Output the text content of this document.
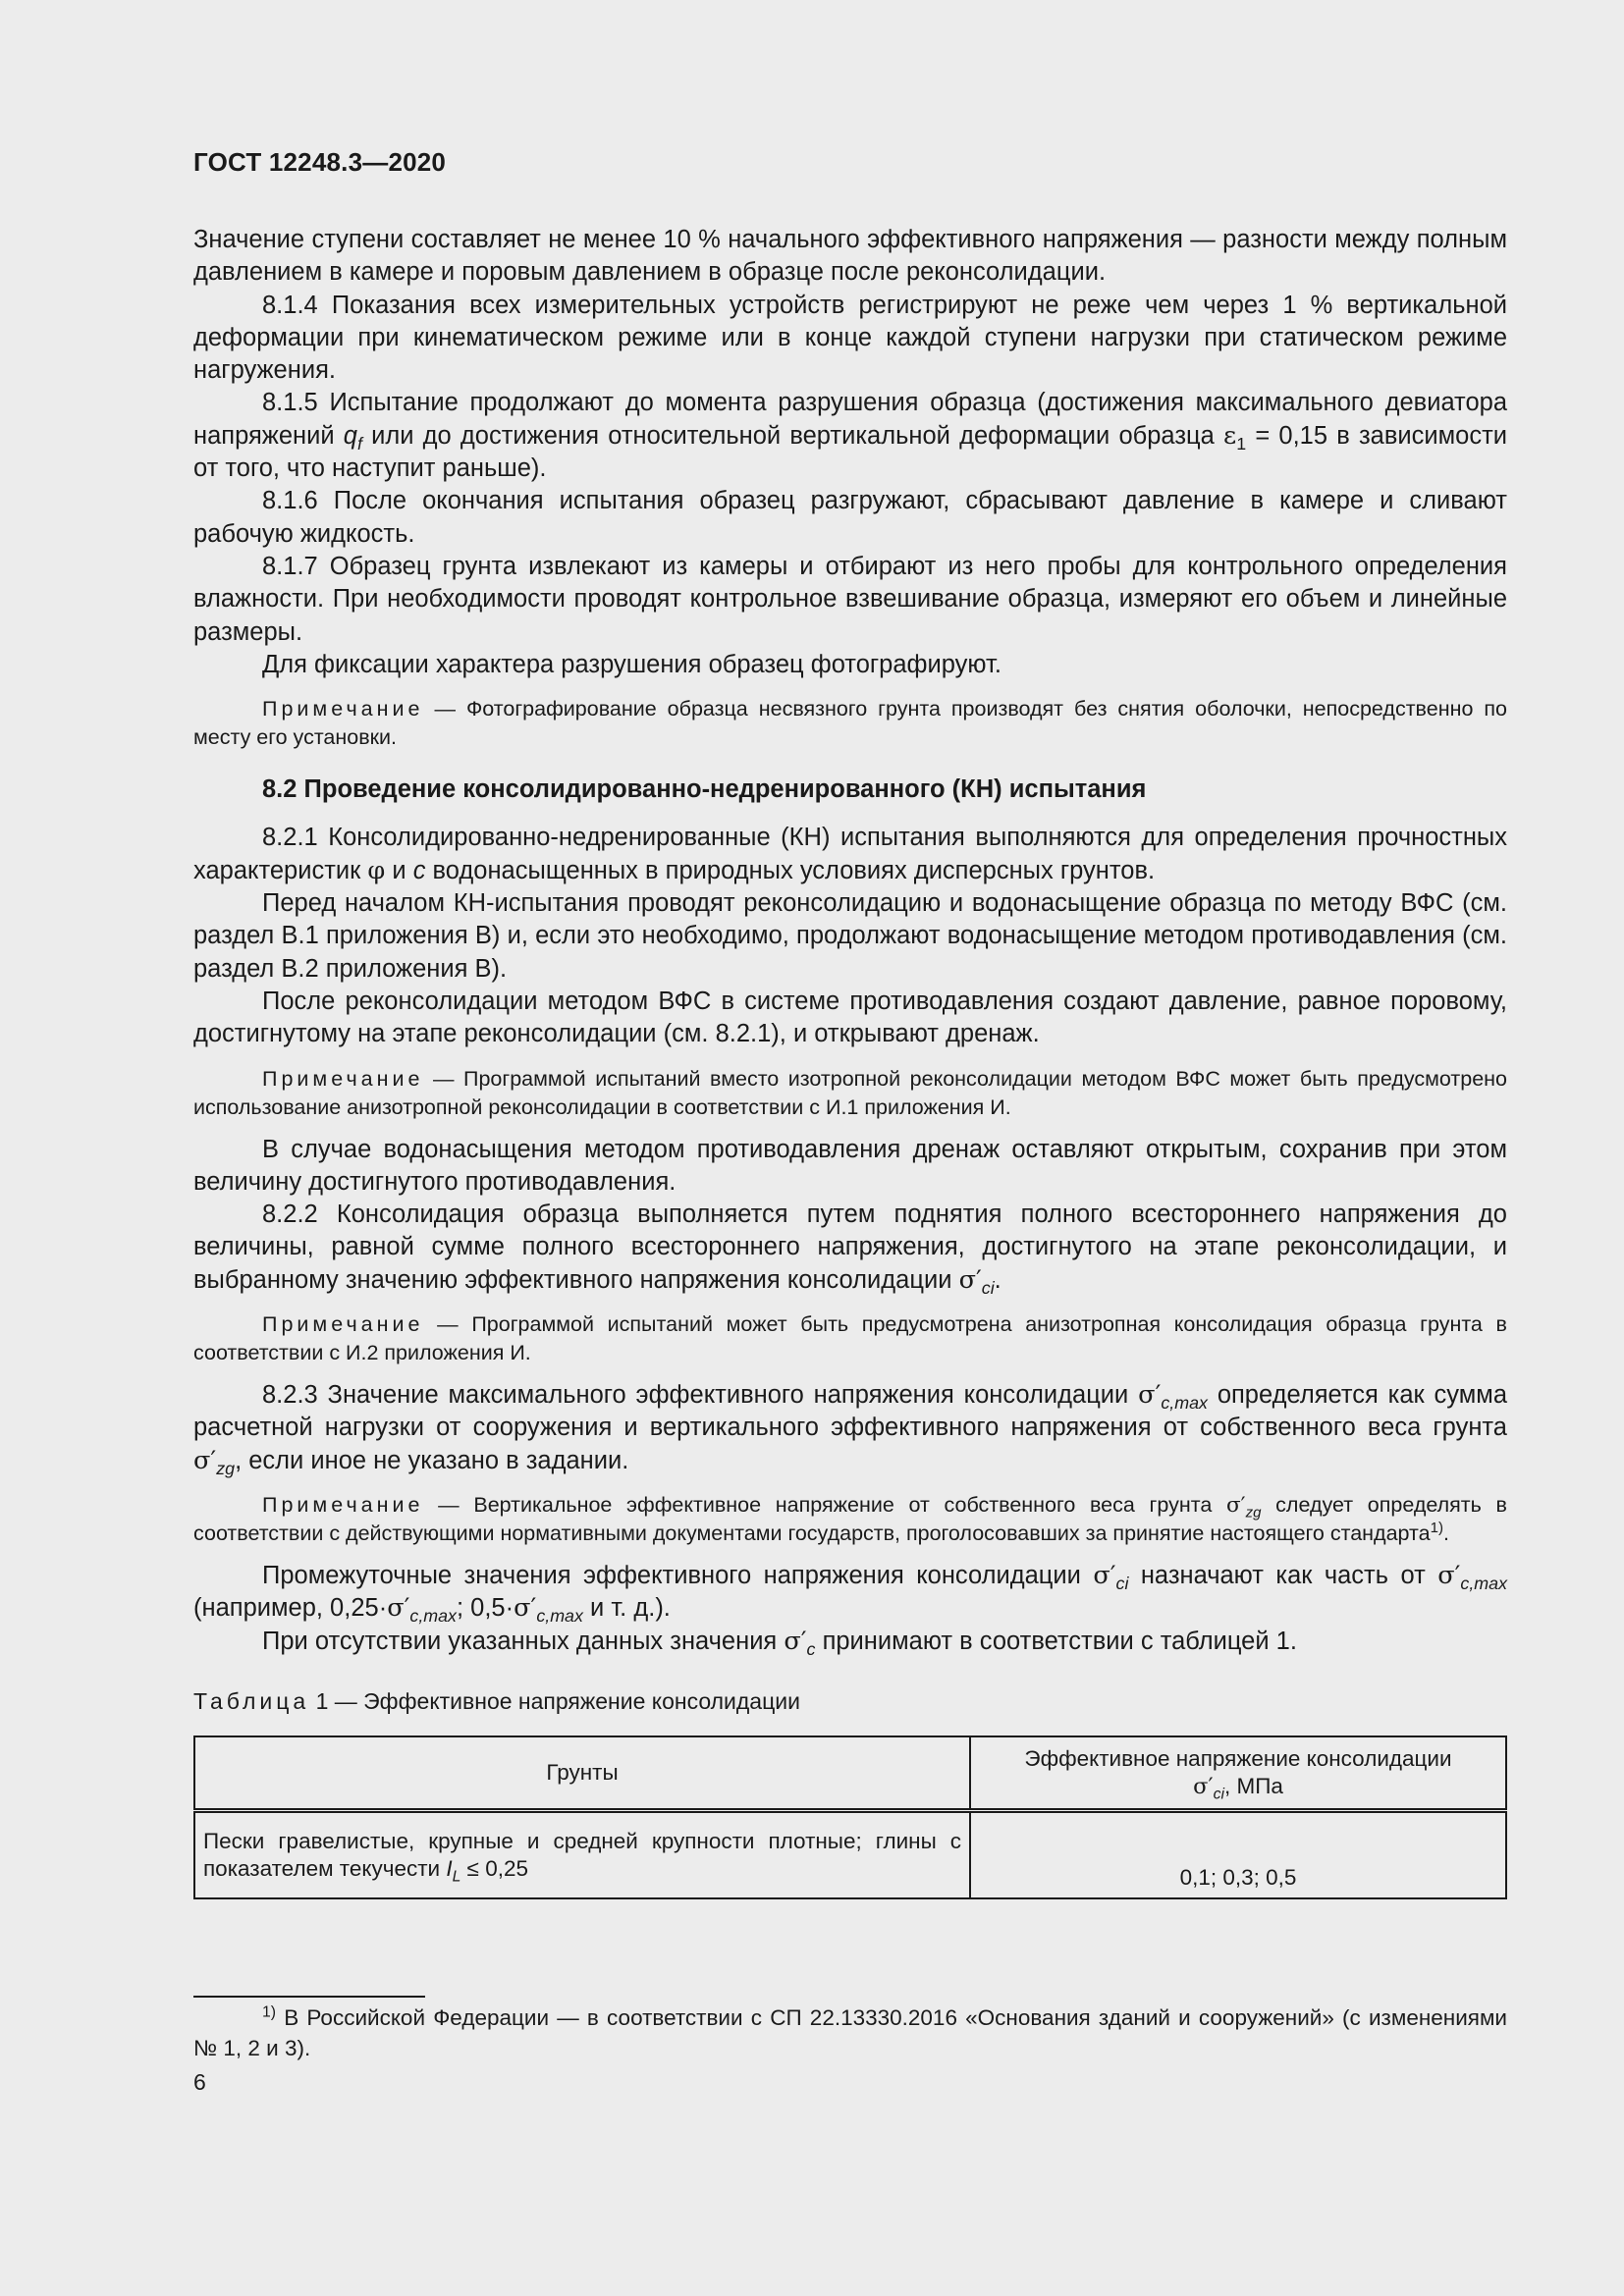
ГОСТ 12248.3—2020

Значение ступени составляет не менее 10 % начального эффективного напряжения — разности между полным давлением в камере и поровым давлением в образце после реконсолидации.

8.1.4 Показания всех измерительных устройств регистрируют не реже чем через 1 % вертикальной деформации при кинематическом режиме или в конце каждой ступени нагрузки при статическом режиме нагружения.

8.1.5 Испытание продолжают до момента разрушения образца (достижения максимального девиатора напряжений $q_f$ или до достижения относительной вертикальной деформации образца $\varepsilon_1 = 0,15$ в зависимости от того, что наступит раньше).

8.1.6 После окончания испытания образец разгружают, сбрасывают давление в камере и сливают рабочую жидкость.

8.1.7 Образец грунта извлекают из камеры и отбирают из него пробы для контрольного определения влажности. При необходимости проводят контрольное взвешивание образца, измеряют его объем и линейные размеры.

Для фиксации характера разрушения образец фотографируют.

Примечание — Фотографирование образца несвязного грунта производят без снятия оболочки, непосредственно по месту его установки.

8.2 Проведение консолидированно-недренированного (КН) испытания

8.2.1 Консолидированно-недренированные (КН) испытания выполняются для определения прочностных характеристик φ и c водонасыщенных в природных условиях дисперсных грунтов.

Перед началом КН-испытания проводят реконсолидацию и водонасыщение образца по методу ВФС (см. раздел В.1 приложения В) и, если это необходимо, продолжают водонасыщение методом противодавления (см. раздел В.2 приложения В).

После реконсолидации методом ВФС в системе противодавления создают давление, равное поровому, достигнутому на этапе реконсолидации (см. 8.2.1), и открывают дренаж.

Примечание — Программой испытаний вместо изотропной реконсолидации методом ВФС может быть предусмотрено использование анизотропной реконсолидации в соответствии с И.1 приложения И.

В случае водонасыщения методом противодавления дренаж оставляют открытым, сохранив при этом величину достигнутого противодавления.

8.2.2 Консолидация образца выполняется путем поднятия полного всестороннего напряжения до величины, равной сумме полного всестороннего напряжения, достигнутого на этапе реконсолидации, и выбранному значению эффективного напряжения консолидации $\sigma'_{ci}$.

Примечание — Программой испытаний может быть предусмотрена анизотропная консолидация образца грунта в соответствии с И.2 приложения И.

8.2.3 Значение максимального эффективного напряжения консолидации $\sigma'_{c,max}$ определяется как сумма расчетной нагрузки от сооружения и вертикального эффективного напряжения от собственного веса грунта $\sigma'_{zg}$, если иное не указано в задании.

Примечание — Вертикальное эффективное напряжение от собственного веса грунта $\sigma'_{zg}$ следует определять в соответствии с действующими нормативными документами государств, проголосовавших за принятие настоящего стандарта$^{1)}$.

Промежуточные значения эффективного напряжения консолидации $\sigma'_{ci}$ назначают как часть от $\sigma'_{c,max}$ (например, $0,25\cdot\sigma'_{c,max}$; $0,5\cdot\sigma'_{c,max}$ и т. д.).

При отсутствии указанных данных значения $\sigma'_c$ принимают в соответствии с таблицей 1.

Таблица 1 — Эффективное напряжение консолидации

Грунты	Эффективное напряжение консолидации
$\sigma'_{ci}$, МПа
Пески гравелистые, крупные и средней крупности плотные; глины с показателем текучести $I_L \le 0,25$	0,1; 0,3; 0,5
$^{1)}$ В Российской Федерации — в соответствии с СП 22.13330.2016 «Основания зданий и сооружений» (с изменениями № 1, 2 и 3).
6
